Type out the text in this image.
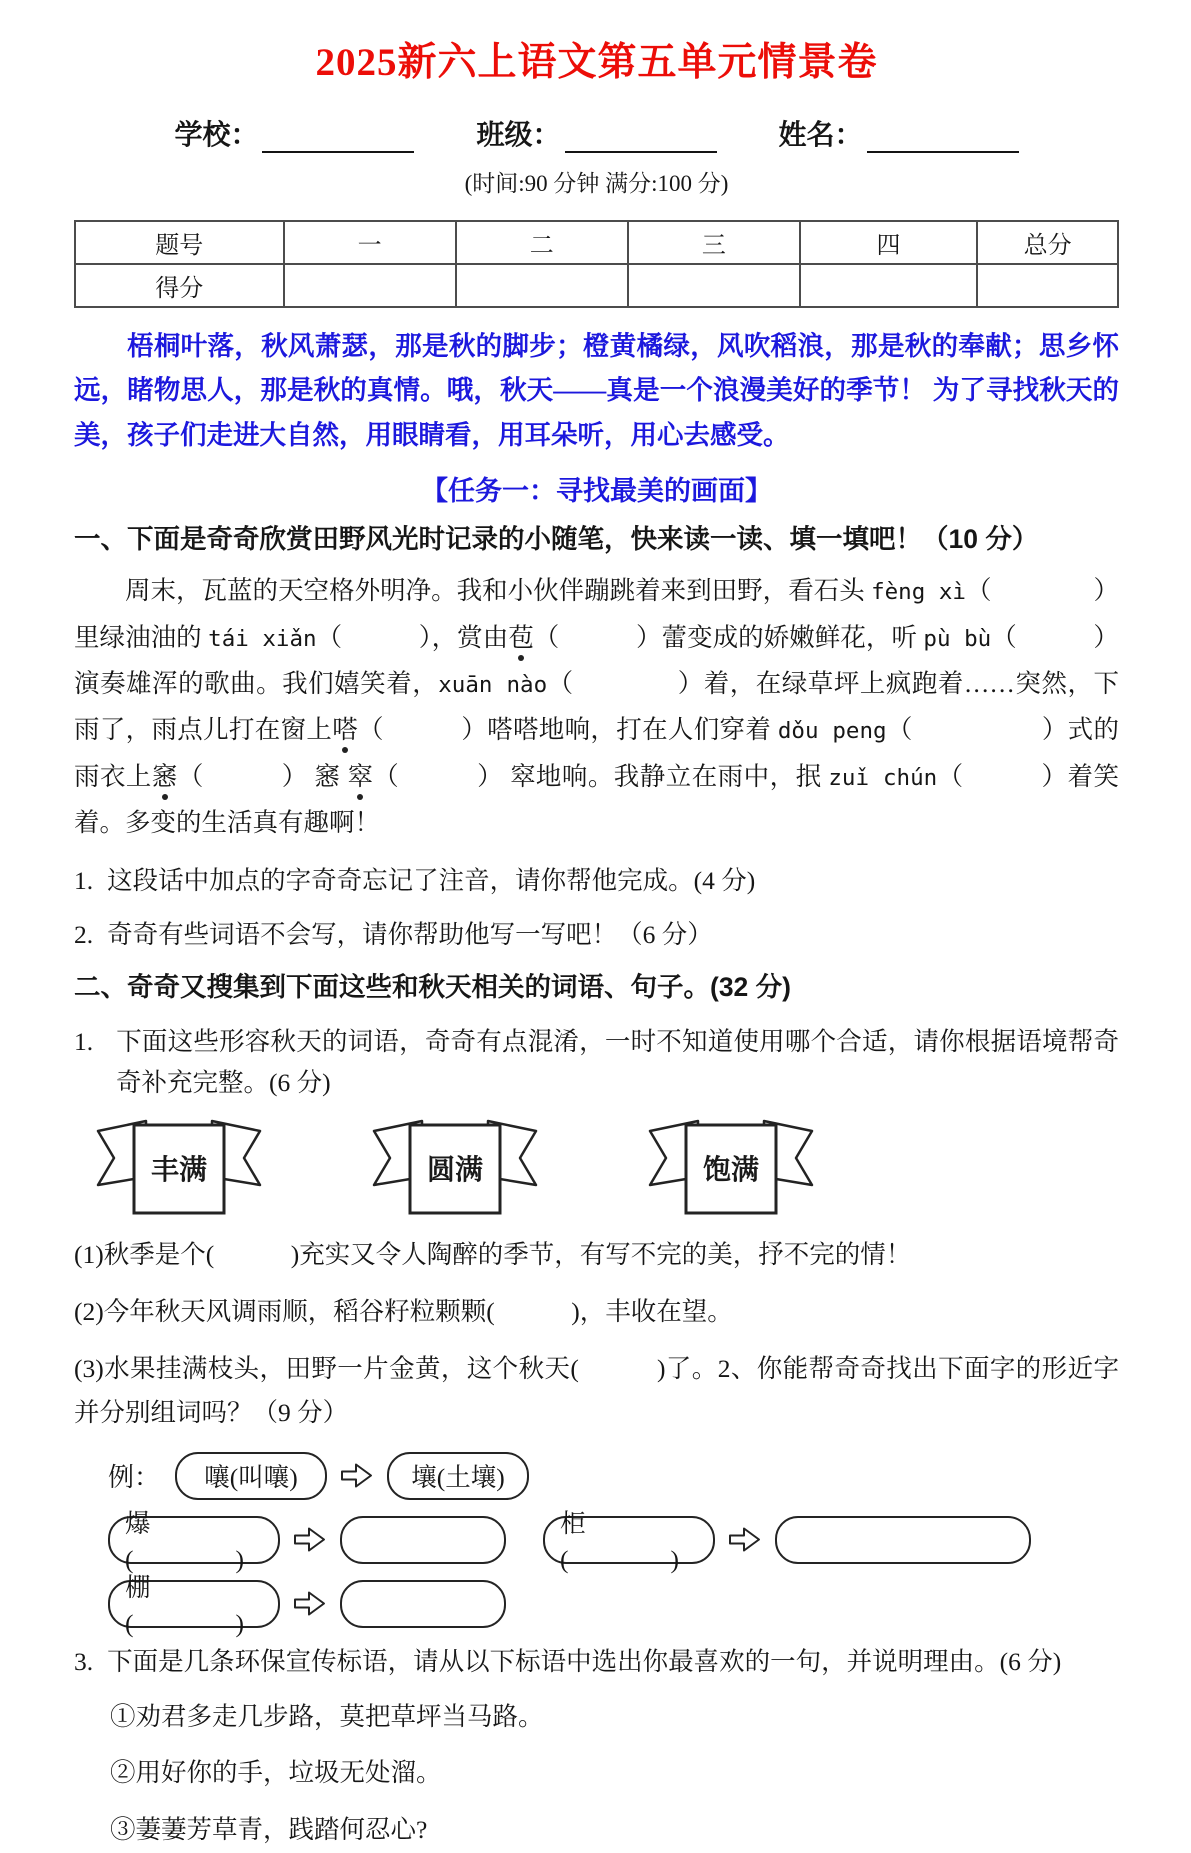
2025新六上语文第五单元情景卷
学校：	班级：	姓名：
(时间:90 分钟 满分:100 分)
题号	一	二	三	四	总分
得分					

梧桐叶落，秋风萧瑟，那是秋的脚步；橙黄橘绿，风吹稻浪，那是秋的奉献；思乡怀远，睹物思人，那是秋的真情。哦，秋天——真是一个浪漫美好的季节！ 为了寻找秋天的美，孩子们走进大自然，用眼睛看，用耳朵听，用心去感受。

【任务一：寻找最美的画面】
一、下面是奇奇欣赏田野风光时记录的小随笔，快来读一读、填一填吧！（10 分）

周末，瓦蓝的天空格外明净。我和小伙伴蹦跳着来到田野，看石头 fèng xì（　　　　）里绿油油的 tái xiǎn（　　　），赏由苞（　　　）蕾变成的娇嫩鲜花，听 pù bù（　　　）演奏雄浑的歌曲。我们嬉笑着，xuān nào（　　　　）着，在绿草坪上疯跑着……突然，下雨了，雨点儿打在窗上嗒（　　　）嗒嗒地响，打在人们穿着 dǒu peng（　　　　　）式的雨衣上窸（　　　） 窸 窣（　　　） 窣地响。我静立在雨中，抿 zuǐ chún（　　　）着笑着。多变的生活真有趣啊！

1. 这段话中加点的字奇奇忘记了注音，请你帮他完成。(4 分)

2. 奇奇有些词语不会写，请你帮助他写一写吧！（6 分）

二、奇奇又搜集到下面这些和秋天相关的词语、句子。(32 分)

1. 下面这些形容秋天的词语，奇奇有点混淆，一时不知道使用哪个合适，请你根据语境帮奇奇补充完整。(6 分)

丰满	圆满	饱满

(1)秋季是个(　　　)充实又令人陶醉的季节，有写不完的美，抒不完的情！

(2)今年秋天风调雨顺，稻谷籽粒颗颗(　　　)，丰收在望。

(3)水果挂满枝头，田野一片金黄，这个秋天(　　　)了。2、你能帮奇奇找出下面字的形近字并分别组词吗？（9 分）

例： 嚷(叫嚷)	壤(土壤)
爆(　　　　)
柜(　　　　)
棚(　　　　)

3. 下面是几条环保宣传标语，请从以下标语中选出你最喜欢的一句，并说明理由。(6 分)

①劝君多走几步路，莫把草坪当马路。

②用好你的手，垃圾无处溜。

③萋萋芳草青，践踏何忍心?
